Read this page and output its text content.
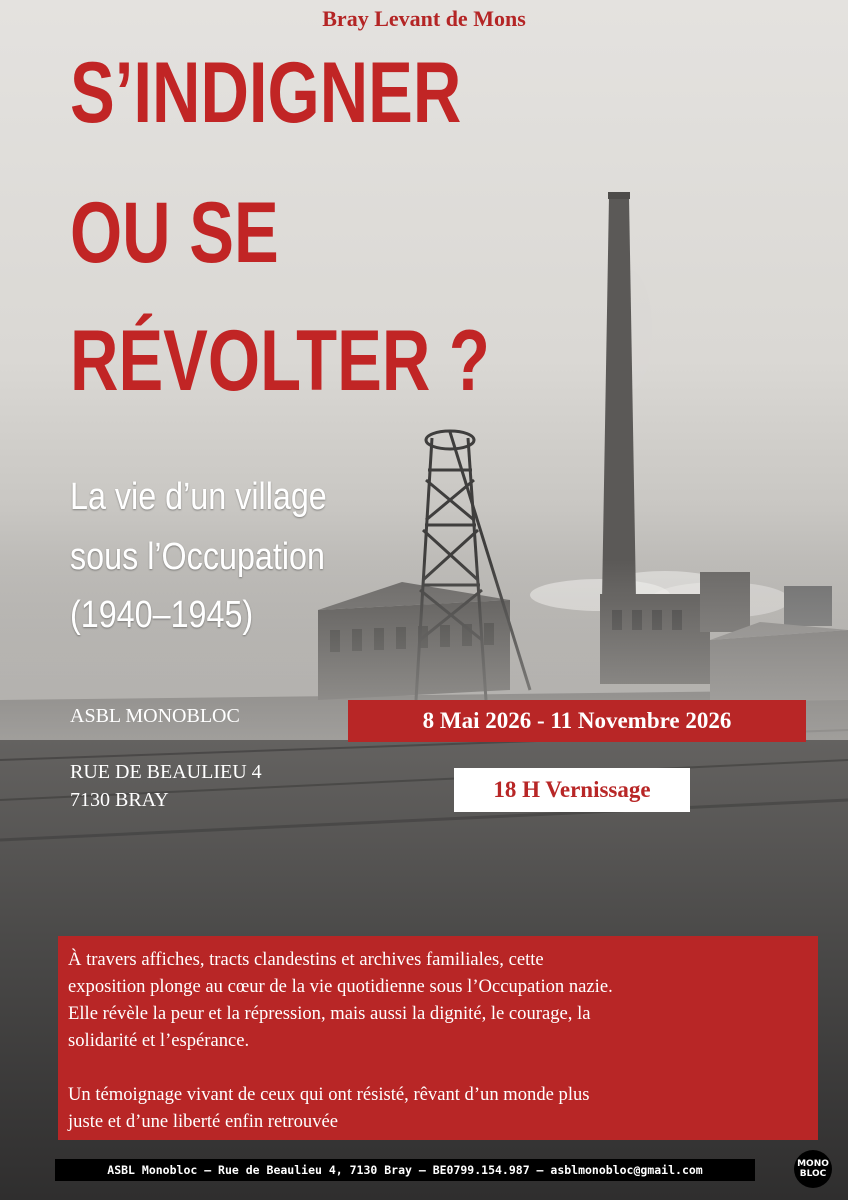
Bray Levant de Mons
S’INDIGNER
OU SE
RÉVOLTER ?
La vie d’un village
sous l’Occupation
(1940–1945)
ASBL MONOBLOC
RUE DE BEAULIEU 4
7130 BRAY
8 Mai 2026 - 11 Novembre 2026
18 H Vernissage

À travers affiches, tracts clandestins et archives familiales, cette

exposition plonge au cœur de la vie quotidienne sous l’Occupation nazie.

Elle révèle la peur et la répression, mais aussi la dignité, le courage, la

solidarité et l’espérance.

Un témoignage vivant de ceux qui ont résisté, rêvant d’un monde plus

juste et d’une liberté enfin retrouvée

ASBL Monobloc – Rue de Beaulieu 4, 7130 Bray – BE0799.154.987 – asblmonobloc@gmail.com	MONO
BLOC
